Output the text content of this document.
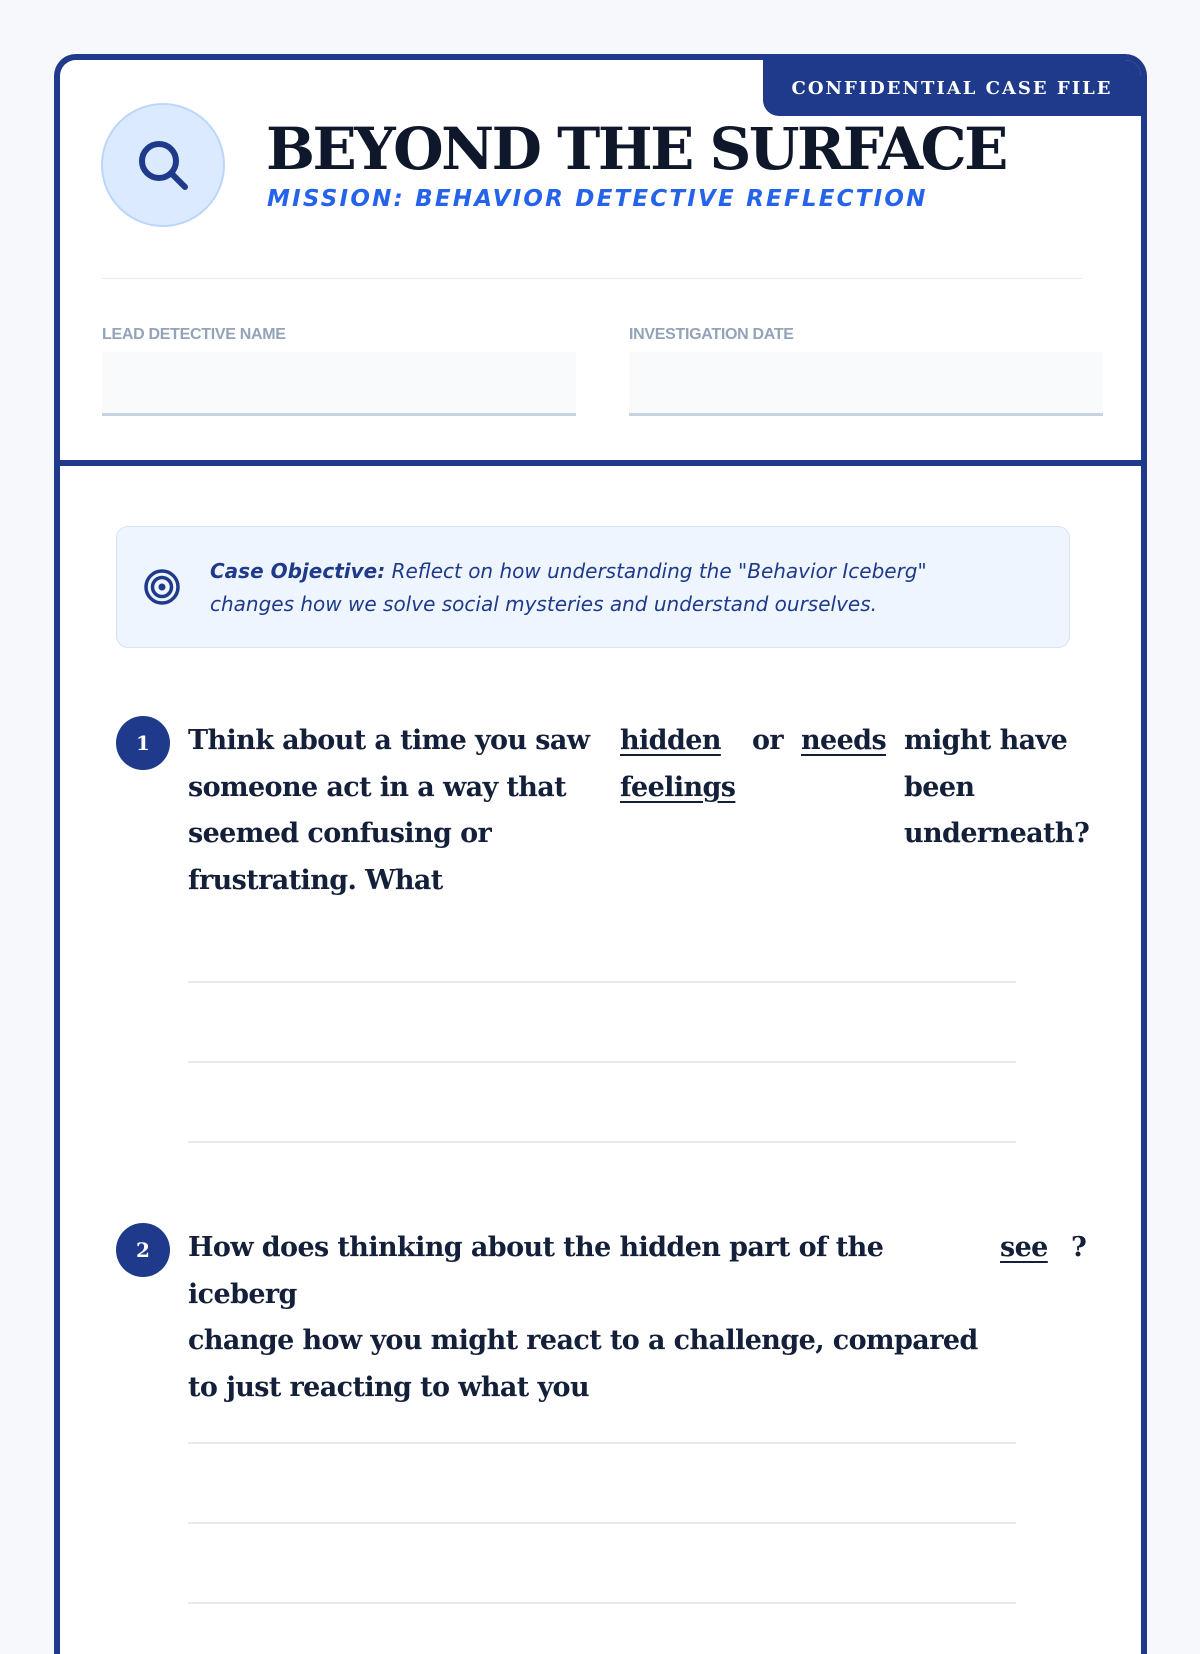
CONFIDENTIAL CASE FILE
BEYOND THE SURFACE
MISSION: BEHAVIOR DETECTIVE REFLECTION
LEAD DETECTIVE NAME	INVESTIGATION DATE
Case Objective: Reflect on how understanding the "Behavior Iceberg" changes how we solve social mysteries and understand ourselves.
1	Think about a time you saw
someone act in a way that
seemed confusing or
frustrating. What
hidden
feelings
or needs might have
been
underneath?
2	How does thinking about the hidden part of the iceberg
change how you might react to a challenge, compared
to just reacting to what you
see ?
